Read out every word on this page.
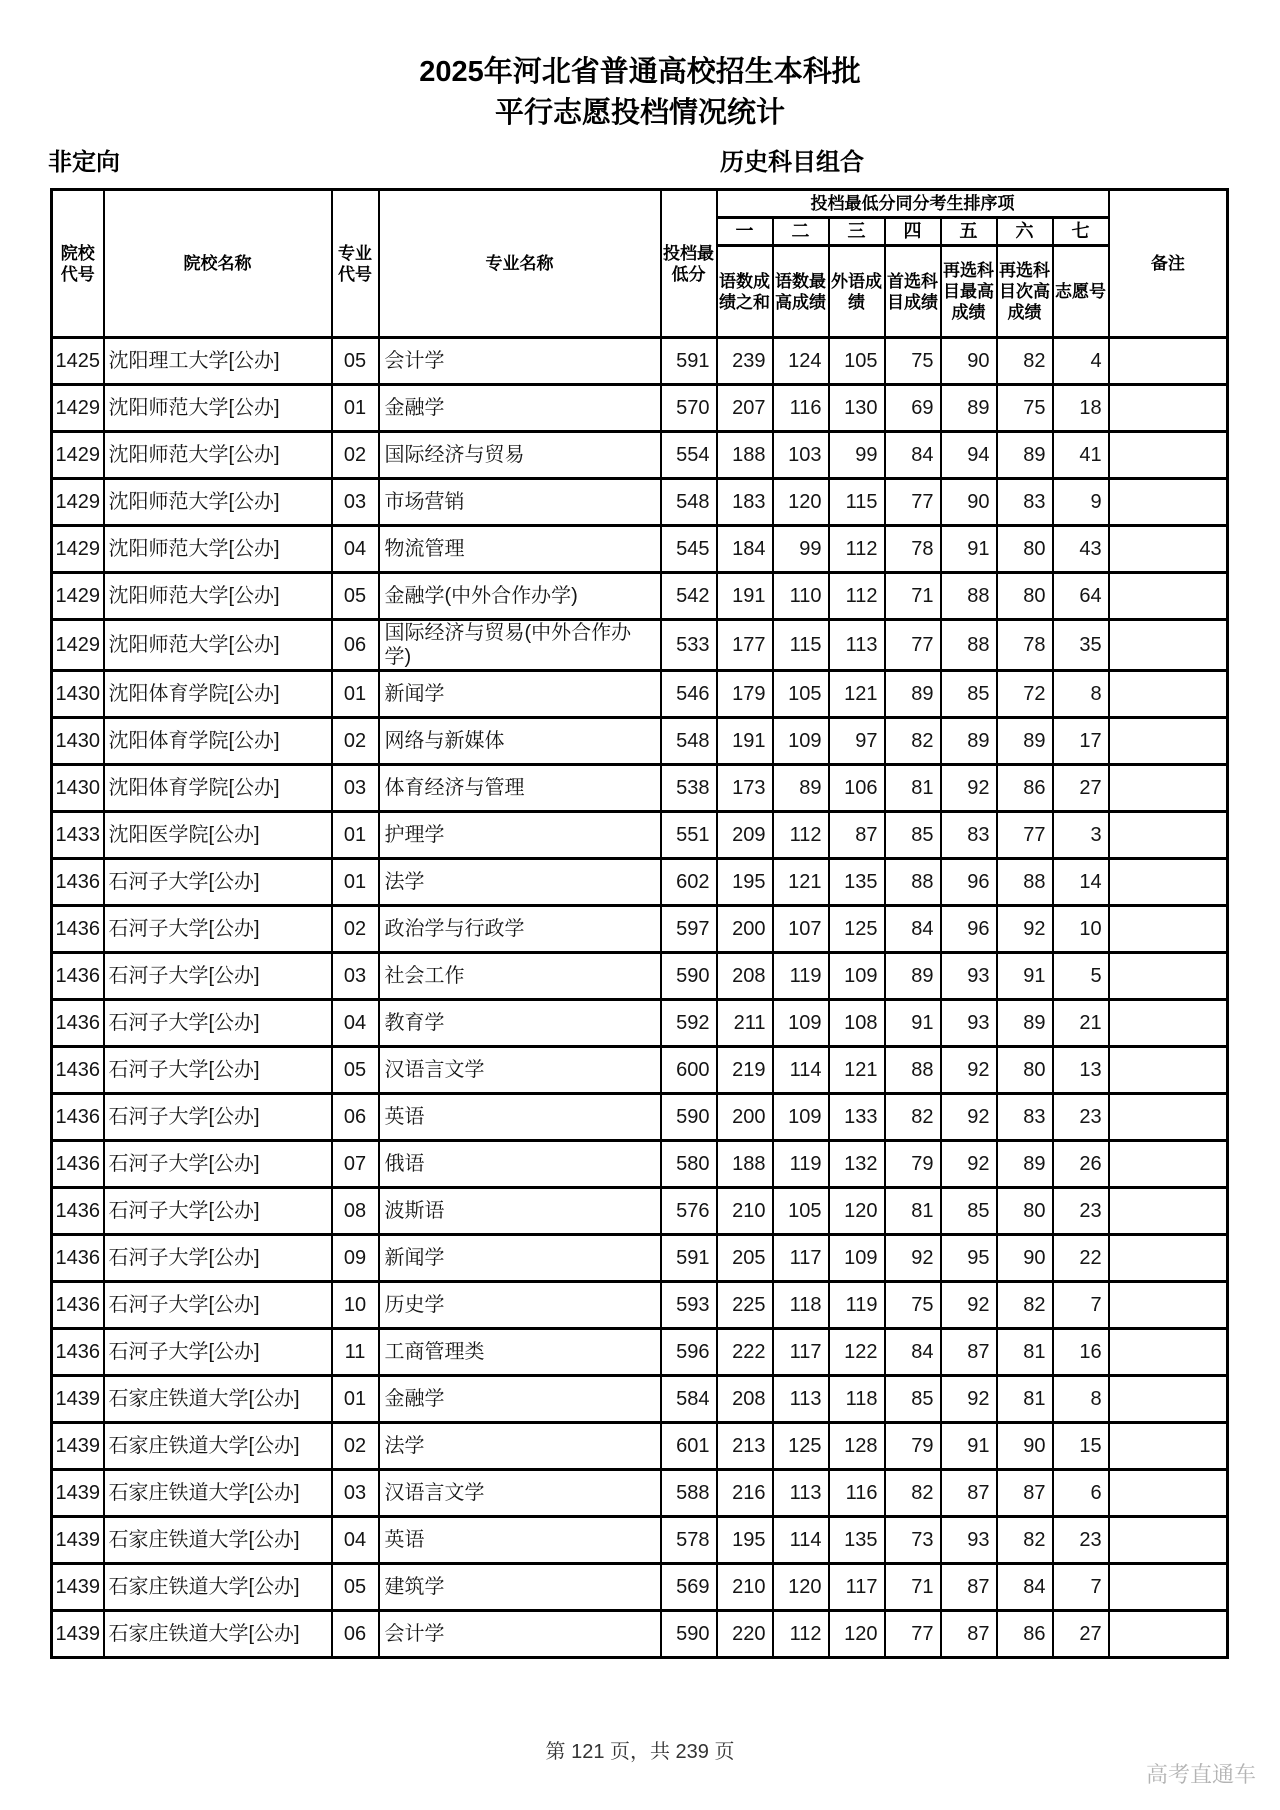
2025年河北省普通高校招生本科批
平行志愿投档情况统计
非定向	历史科目组合
院校代号	院校名称	专业代号	专业名称	投档最低分	投档最低分同分考生排序项							备注
					一	二	三	四	五	六	七	
					语数成绩之和	语数最高成绩	外语成绩	首选科目成绩	再选科目最高成绩	再选科目次高成绩	志愿号	
1425	沈阳理工大学[公办]	05	会计学	591	239	124	105	75	90	82	4	
1429	沈阳师范大学[公办]	01	金融学	570	207	116	130	69	89	75	18	
1429	沈阳师范大学[公办]	02	国际经济与贸易	554	188	103	99	84	94	89	41	
1429	沈阳师范大学[公办]	03	市场营销	548	183	120	115	77	90	83	9	
1429	沈阳师范大学[公办]	04	物流管理	545	184	99	112	78	91	80	43	
1429	沈阳师范大学[公办]	05	金融学(中外合作办学)	542	191	110	112	71	88	80	64	
1429	沈阳师范大学[公办]	06	国际经济与贸易(中外合作办学)	533	177	115	113	77	88	78	35	
1430	沈阳体育学院[公办]	01	新闻学	546	179	105	121	89	85	72	8	
1430	沈阳体育学院[公办]	02	网络与新媒体	548	191	109	97	82	89	89	17	
1430	沈阳体育学院[公办]	03	体育经济与管理	538	173	89	106	81	92	86	27	
1433	沈阳医学院[公办]	01	护理学	551	209	112	87	85	83	77	3	
1436	石河子大学[公办]	01	法学	602	195	121	135	88	96	88	14	
1436	石河子大学[公办]	02	政治学与行政学	597	200	107	125	84	96	92	10	
1436	石河子大学[公办]	03	社会工作	590	208	119	109	89	93	91	5	
1436	石河子大学[公办]	04	教育学	592	211	109	108	91	93	89	21	
1436	石河子大学[公办]	05	汉语言文学	600	219	114	121	88	92	80	13	
1436	石河子大学[公办]	06	英语	590	200	109	133	82	92	83	23	
1436	石河子大学[公办]	07	俄语	580	188	119	132	79	92	89	26	
1436	石河子大学[公办]	08	波斯语	576	210	105	120	81	85	80	23	
1436	石河子大学[公办]	09	新闻学	591	205	117	109	92	95	90	22	
1436	石河子大学[公办]	10	历史学	593	225	118	119	75	92	82	7	
1436	石河子大学[公办]	11	工商管理类	596	222	117	122	84	87	81	16	
1439	石家庄铁道大学[公办]	01	金融学	584	208	113	118	85	92	81	8	
1439	石家庄铁道大学[公办]	02	法学	601	213	125	128	79	91	90	15	
1439	石家庄铁道大学[公办]	03	汉语言文学	588	216	113	116	82	87	87	6	
1439	石家庄铁道大学[公办]	04	英语	578	195	114	135	73	93	82	23	
1439	石家庄铁道大学[公办]	05	建筑学	569	210	120	117	71	87	84	7	
1439	石家庄铁道大学[公办]	06	会计学	590	220	112	120	77	87	86	27	
第 121 页，共 239 页
高考直通车
